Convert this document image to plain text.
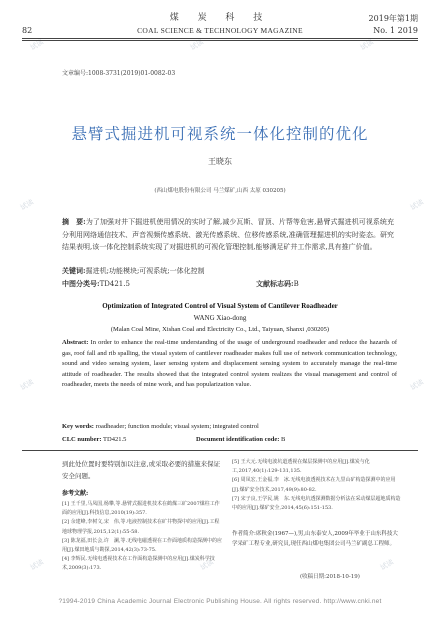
试读	试读	试读
试读	试读
试读	试读
试读	试读	试读
煤 炭 科 技	2019年第1期
82	COAL SCIENCE & TECHNOLOGY MAGAZINE	No. 1 2019
文章编号:1008-3731(2019)01-0082-03
悬臂式掘进机可视系统一体化控制的优化
王晓东
(西山煤电股份有限公司 马兰煤矿,山西 太原 030205)
摘　要:为了加强对井下掘进机使用情况的实时了解,减少瓦斯、冒顶、片帮等危害,悬臂式掘进机可视系统充分利用网络通信技术、声音视频传感系统、激光传感系统、位移传感系统,准确管理掘进机的实时姿态。研究结果表明,该一体化控制系统实现了对掘进机的可视化管理控制,能够满足矿井工作需求,具有推广价值。
关键词:掘进机;功能模块;可视系统;一体化控制
中图分类号:TD421.5	文献标志码:B
Optimization of Integrated Control of Visual System of Cantilever Roadheader
WANG Xiao-dong
(Malan Coal Mine, Xishan Coal and Electricity Co., Ltd., Taiyuan, Shanxi ,030205)
Abstract: In order to enhance the real-time understanding of the usage of underground roadheader and reduce the hazards of gas, roof fall and rib spalling, the visual system of cantilever roadheader makes full use of network communication technology, sound and video sensing system, laser sensing system and displacement sensing system to accurately manage the real-time attitude of roadheader. The results showed that the integrated control system realizes the visual management and control of roadheader, meets the needs of mine work, and has popularization value.
Key words: roadheader; function module; visual system; integrated control
CLC number: TD421.5	Document identification code: B
到此处位置时要特别加以注意,或采取必要的措施来保证安全问题。
参考文献:
[1] 王千里,马凤国,杨攀,等.悬臂式掘进机技术在鹤煤三矿2007煤柱工作面的应用[J].科技信息,2010(19):357.
[2] 余建峰,李树文,宋　伟,等.电液控制技术在矿井物探中的应用[J].工程地球物理学报,2015,12(1):55-58.
[3] 陈龙福,田长会,许　澜,等.无线电磁透视在工作面地质构造探测中的应用[J].煤田地质与勘探,2014,42(3):73-75.
[4] 李辉民.无线电透视技术在工作面构造探测中的应用[J].煤炭科学技术,2009(3):173.
[5] 王大元.无线电波坑道透视在煤层探测中的应用[J].煤炭与化工,2017,40(1):129-131,135.
[6] 周凤宏,王金福,李　冰.无线电波透视技术在九里山矿构造探测中的应用[J].煤矿安全技术,2017,49(9):80-82.
[7] 宋子良,王学民,姚　东.无线电坑透探测数据分析法在采动煤层超地质构造中的应用[J].煤矿安全,2014,45(6):151-153.
作者简介:席秋金(1967—),男,山东泰安人,2009年毕业于山东科技大学采矿工程专业,研究员,现任西山煤电集团公司马兰矿副总工程师。
(收稿日期:2018-10-19)
?1994-2019 China Academic Journal Electronic Publishing House. All rights reserved. http://www.cnki.net
